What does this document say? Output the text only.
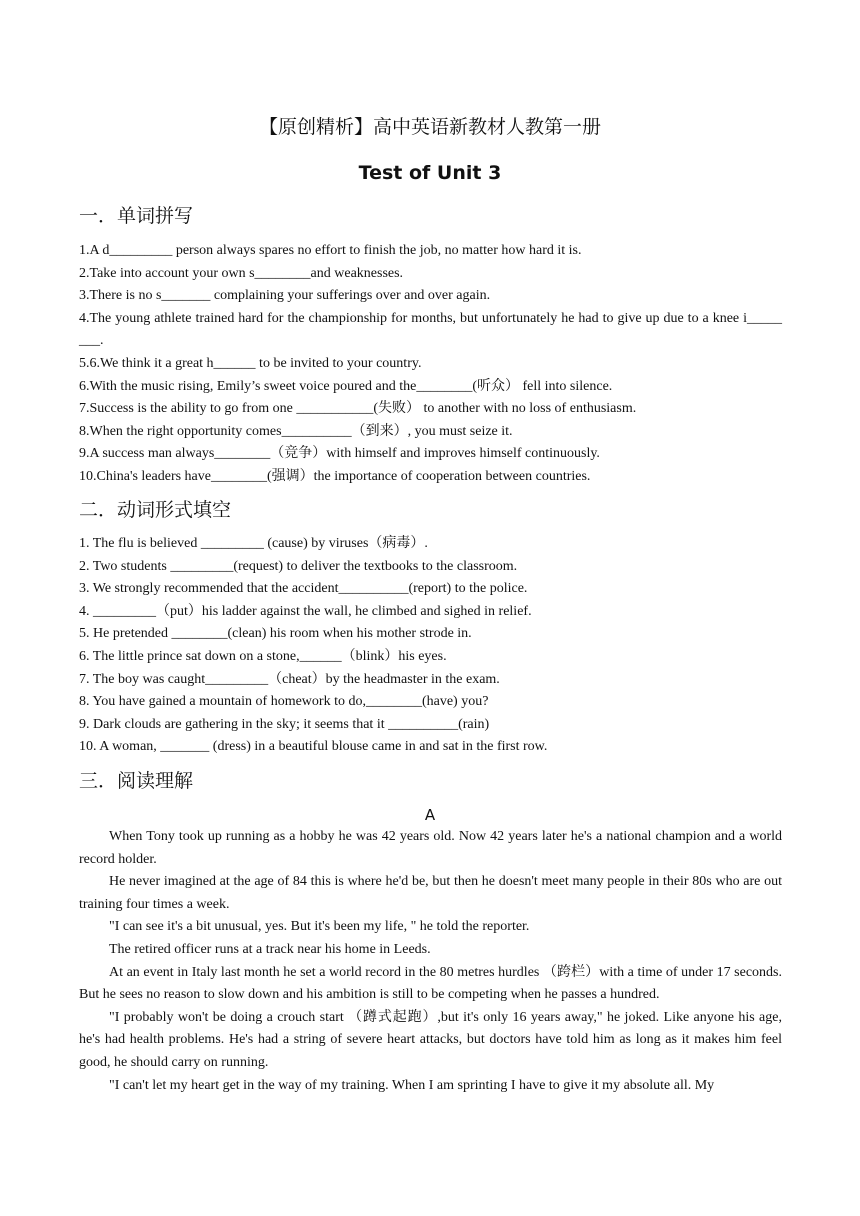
【原创精析】高中英语新教材人教第一册
Test of Unit 3
一．单词拼写
1.A d_________ person always spares no effort to finish the job, no matter how hard it is.
2.Take into account your own s________and weaknesses.
3.There is no s_______ complaining your sufferings over and over again.
4.The young athlete trained hard for the championship for months, but unfortunately he had to give up due to a knee i_____ ___.
5.6.We think it a great h______ to be invited to your country.
6.With the music rising, Emily’s sweet voice poured and the________(听众） fell into silence.
7.Success is the ability to go from one ___________(失败） to another with no loss of enthusiasm.
8.When the right opportunity comes__________（到来）, you must seize it.
9.A success man always________（竞争）with himself and improves himself continuously.
10.China's leaders have________(强调）the importance of cooperation between countries.
二．动词形式填空
1. The flu is believed _________ (cause) by viruses（病毒）.
2. Two students _________(request) to deliver the textbooks to the classroom.
3. We strongly recommended that the accident__________(report) to the police.
4. _________（put）his ladder against the wall, he climbed and sighed in relief.
5. He pretended ________(clean) his room when his mother strode in.
6. The little prince sat down on a stone,______（blink）his eyes.
7. The boy was caught_________（cheat）by the headmaster in the exam.
8. You have gained a mountain of homework to do,________(have) you?
9. Dark clouds are gathering in the sky; it seems that it __________(rain)
10. A woman, _______ (dress) in a beautiful blouse came in and sat in the first row.
三．阅读理解
A

When Tony took up running as a hobby he was 42 years old. Now 42 years later he's a national champion and a world record holder.

He never imagined at the age of 84 this is where he'd be, but then he doesn't meet many people in their 80s who are out training four times a week.

"I can see it's a bit unusual, yes. But it's been my life, " he told the reporter.

The retired officer runs at a track near his home in Leeds.

At an event in Italy last month he set a world record in the 80 metres hurdles （跨栏）with a time of under 17 seconds. But he sees no reason to slow down and his ambition is still to be competing when he passes a hundred.

"I probably won't be doing a crouch start （蹲式起跑）,but it's only 16 years away," he joked. Like anyone his age, he's had health problems. He's had a string of severe heart attacks, but doctors have told him as long as it makes him feel good, he should carry on running.

"I can't let my heart get in the way of my training. When I am sprinting I have to give it my absolute all. My
